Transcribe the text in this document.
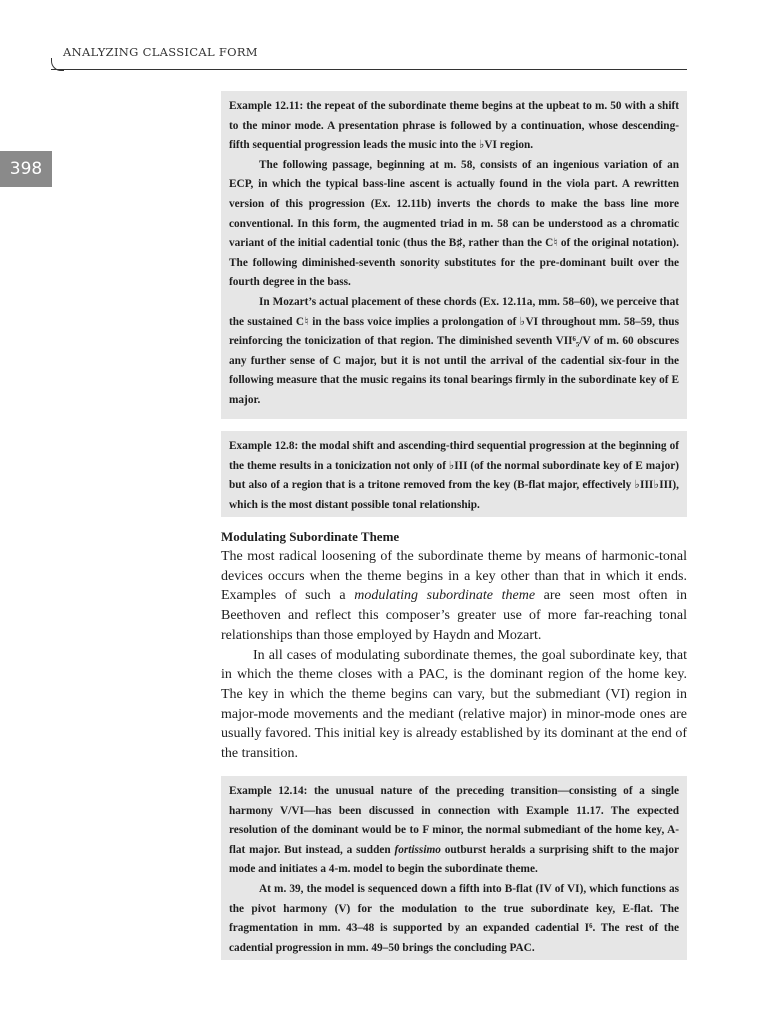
ANALYZING CLASSICAL FORM
398

Example 12.11: the repeat of the subordinate theme begins at the upbeat to m. 50 with a shift to the minor mode. A presentation phrase is followed by a continuation, whose descending-fifth sequential progression leads the music into the ♭VI region.

The following passage, beginning at m. 58, consists of an ingenious variation of an ECP, in which the typical bass-line ascent is actually found in the viola part. A rewritten version of this progression (Ex. 12.11b) inverts the chords to make the bass line more conventional. In this form, the augmented triad in m. 58 can be understood as a chromatic variant of the initial cadential tonic (thus the B♯, rather than the C♮ of the original notation). The following diminished-seventh sonority substitutes for the pre-dominant built over the fourth degree in the bass.

In Mozart’s actual placement of these chords (Ex. 12.11a, mm. 58–60), we perceive that the sustained C♮ in the bass voice implies a prolongation of ♭VI throughout mm. 58–59, thus reinforcing the tonicization of that region. The diminished seventh VII⁶₅/V of m. 60 obscures any further sense of C major, but it is not until the arrival of the cadential six-four in the following measure that the music regains its tonal bearings firmly in the subordinate key of E major.

Example 12.8: the modal shift and ascending-third sequential progression at the beginning of the theme results in a tonicization not only of ♭III (of the normal subordinate key of E major) but also of a region that is a tritone removed from the key (B-flat major, effectively ♭III♭III), which is the most distant possible tonal relationship.

Modulating Subordinate Theme

The most radical loosening of the subordinate theme by means of harmonic-tonal devices occurs when the theme begins in a key other than that in which it ends. Examples of such a modulating subordinate theme are seen most often in Beethoven and reflect this composer’s greater use of more far-reaching tonal relationships than those employed by Haydn and Mozart.

In all cases of modulating subordinate themes, the goal subordinate key, that in which the theme closes with a PAC, is the dominant region of the home key. The key in which the theme begins can vary, but the submediant (VI) region in major-mode movements and the mediant (relative major) in minor-mode ones are usually favored. This initial key is already established by its dominant at the end of the transition.

Example 12.14: the unusual nature of the preceding transition—consisting of a single harmony V/VI—has been discussed in connection with Example 11.17. The expected resolution of the dominant would be to F minor, the normal submediant of the home key, A-flat major. But instead, a sudden fortissimo outburst heralds a surprising shift to the major mode and initiates a 4-m. model to begin the subordinate theme.

At m. 39, the model is sequenced down a fifth into B-flat (IV of VI), which functions as the pivot harmony (V) for the modulation to the true subordinate key, E-flat. The fragmentation in mm. 43–48 is supported by an expanded cadential I⁶. The rest of the cadential progression in mm. 49–50 brings the concluding PAC.
